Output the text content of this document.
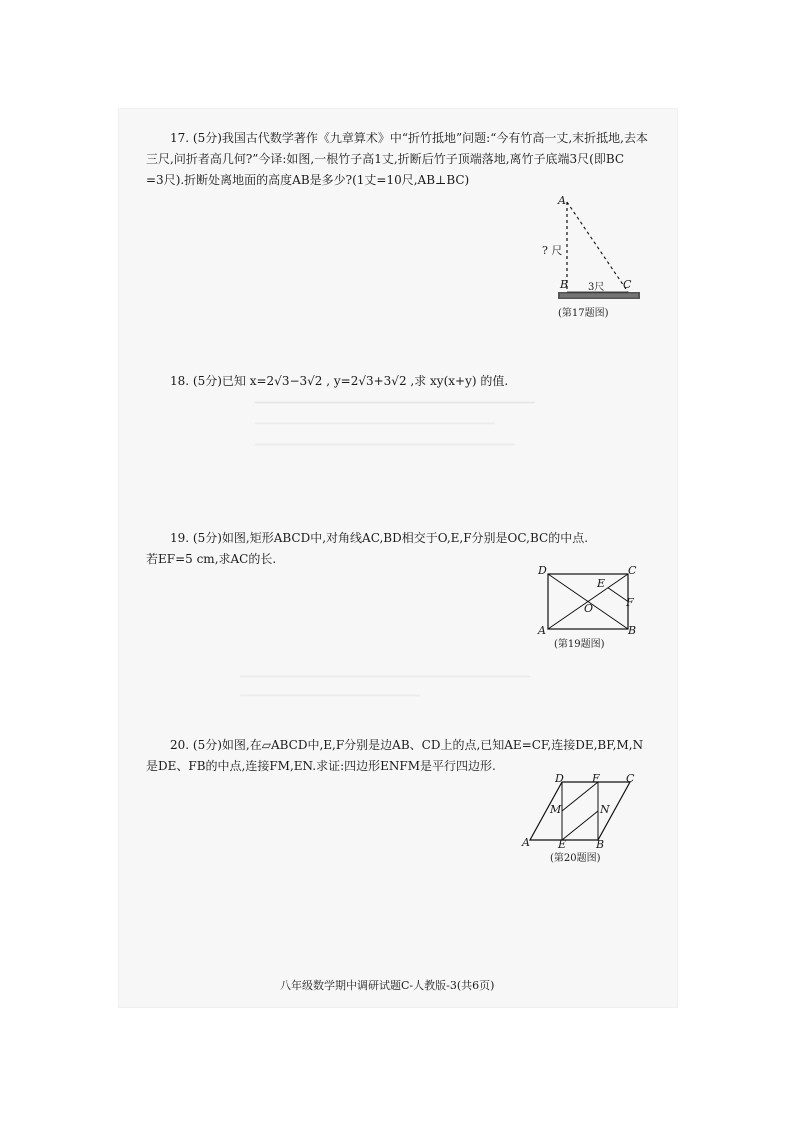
17. (5分)我国古代数学著作《九章算术》中“折竹抵地”问题:“今有竹高一丈,末折抵地,去本

三尺,问折者高几何?”今译:如图,一根竹子高1丈,折断后竹子顶端落地,离竹子底端3尺(即BC

=3尺).折断处离地面的高度AB是多少?(1丈=10尺,AB⊥BC)

A
? 尺
B 3尺 C
(第17题图)

18. (5分)已知 x=2√3−3√2 , y=2√3+3√2 ,求 xy(x+y) 的值.

19. (5分)如图,矩形ABCD中,对角线AC,BD相交于O,E,F分别是OC,BC的中点.

若EF=5 cm,求AC的长.

D	C
E
F
O
A	B
(第19题图)

20. (5分)如图,在▱ABCD中,E,F分别是边AB、CD上的点,已知AE=CF,连接DE,BF,M,N

是DE、FB的中点,连接FM,EN.求证:四边形ENFM是平行四边形.

D	F C
M	N
A	E	B
(第20题图)
八年级数学期中调研试题C-人教版-3(共6页)
